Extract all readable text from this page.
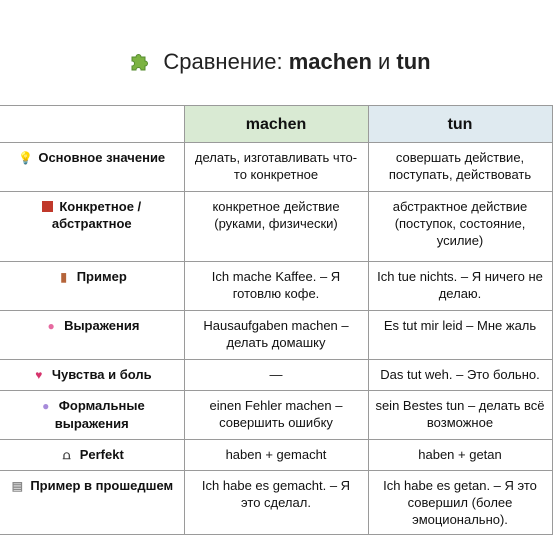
Сравнение: machen и tun
	machen	tun
💡 Основное значение	делать, изготавливать что-то конкретное	совершать действие, поступать, действовать
Конкретное / абстрактное	конкретное действие (руками, физически)	абстрактное действие (поступок, состояние, усилие)
▮ Пример	Ich mache Kaffee. – Я готовлю кофе.	Ich tue nichts. – Я ничего не делаю.
● Выражения	Hausaufgaben machen – делать домашку	Es tut mir leid – Мне жаль
♥ Чувства и боль	—	Das tut weh. – Это больно.
● Формальные выражения	einen Fehler machen – совершить ошибку	sein Bestes tun – делать всё возможное
⩍ Perfekt	haben + gemacht	haben + getan
▤ Пример в прошедшем	Ich habe es gemacht. – Я это сделал.	Ich habe es getan. – Я это совершил (более эмоционально).
